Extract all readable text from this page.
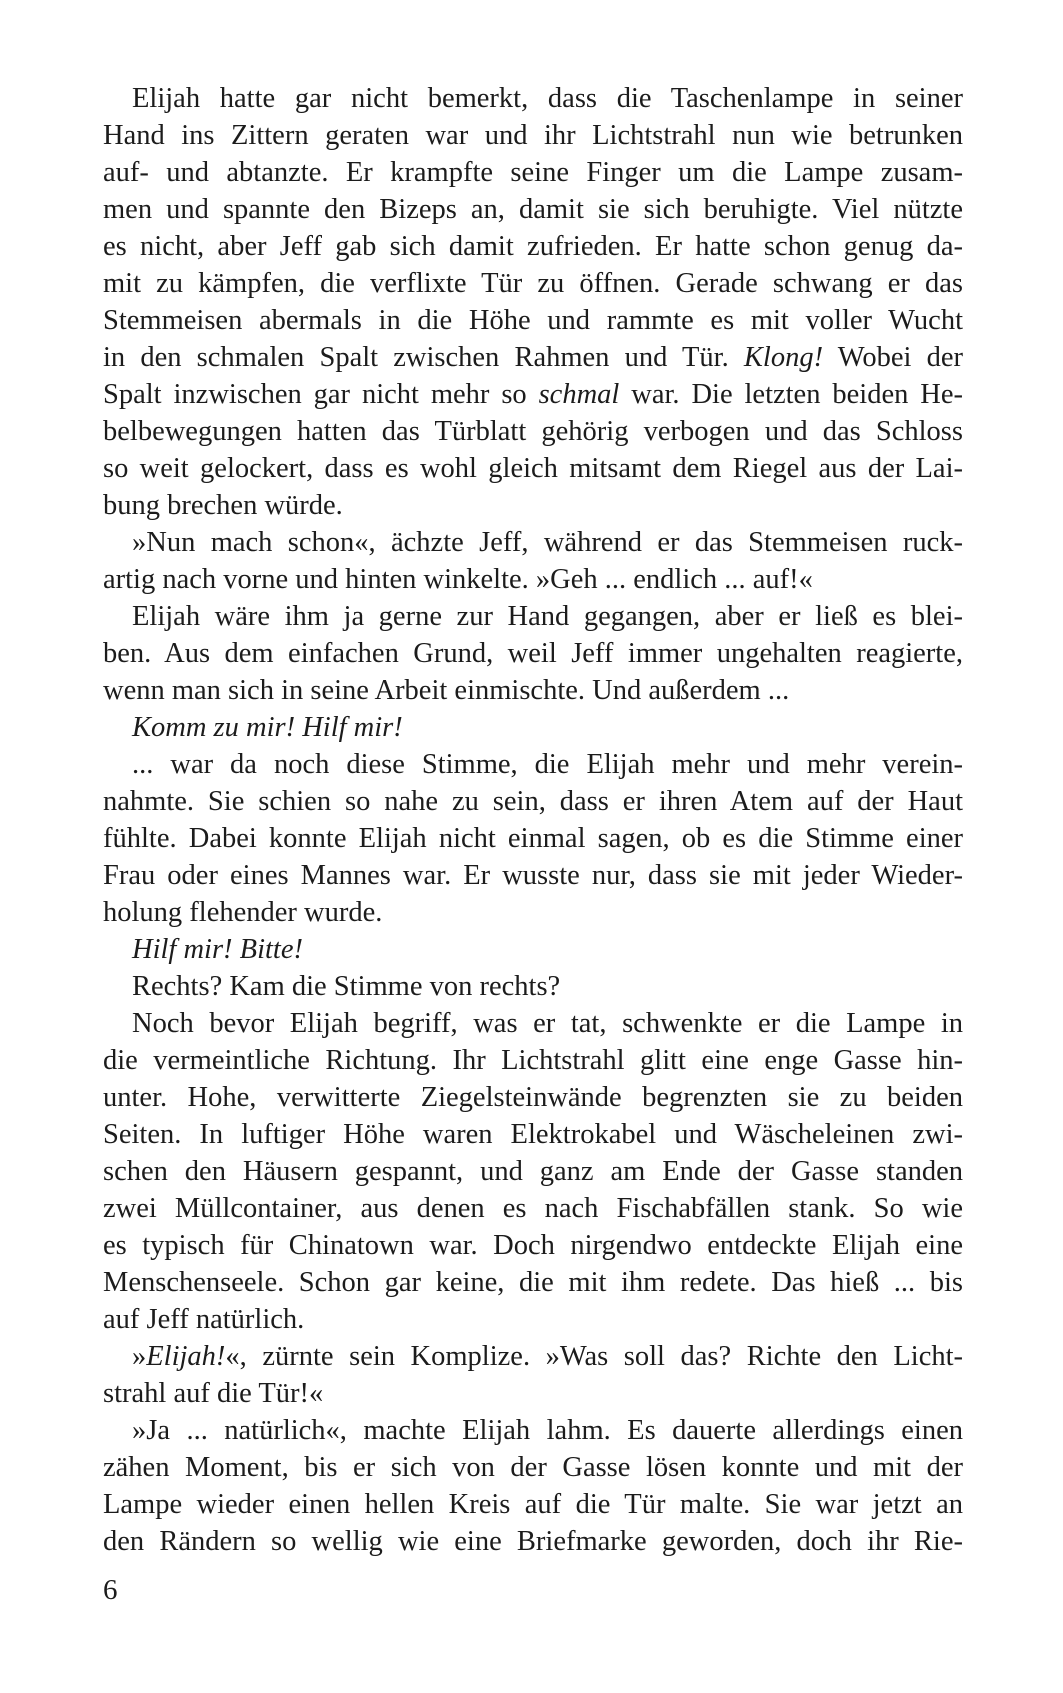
Elijah hatte gar nicht bemerkt, dass die Taschenlampe in seiner
Hand ins Zittern geraten war und ihr Lichtstrahl nun wie betrunken
auf- und abtanzte. Er krampfte seine Finger um die Lampe zusam-
men und spannte den Bizeps an, damit sie sich beruhigte. Viel nützte
es nicht, aber Jeff gab sich damit zufrieden. Er hatte schon genug da-
mit zu kämpfen, die verflixte Tür zu öffnen. Gerade schwang er das
Stemmeisen abermals in die Höhe und rammte es mit voller Wucht
in den schmalen Spalt zwischen Rahmen und Tür. Klong! Wobei der
Spalt inzwischen gar nicht mehr so schmal war. Die letzten beiden He-
belbewegungen hatten das Türblatt gehörig verbogen und das Schloss
so weit gelockert, dass es wohl gleich mitsamt dem Riegel aus der Lai-
bung brechen würde.
»Nun mach schon«, ächzte Jeff, während er das Stemmeisen ruck-
artig nach vorne und hinten winkelte. »Geh ... endlich ... auf!«
Elijah wäre ihm ja gerne zur Hand gegangen, aber er ließ es blei-
ben. Aus dem einfachen Grund, weil Jeff immer ungehalten reagierte,
wenn man sich in seine Arbeit einmischte. Und außerdem ...
Komm zu mir! Hilf mir!
... war da noch diese Stimme, die Elijah mehr und mehr verein-
nahmte. Sie schien so nahe zu sein, dass er ihren Atem auf der Haut
fühlte. Dabei konnte Elijah nicht einmal sagen, ob es die Stimme einer
Frau oder eines Mannes war. Er wusste nur, dass sie mit jeder Wieder-
holung flehender wurde.
Hilf mir! Bitte!
Rechts? Kam die Stimme von rechts?
Noch bevor Elijah begriff, was er tat, schwenkte er die Lampe in
die vermeintliche Richtung. Ihr Lichtstrahl glitt eine enge Gasse hin-
unter. Hohe, verwitterte Ziegelsteinwände begrenzten sie zu beiden
Seiten. In luftiger Höhe waren Elektrokabel und Wäscheleinen zwi-
schen den Häusern gespannt, und ganz am Ende der Gasse standen
zwei Müllcontainer, aus denen es nach Fischabfällen stank. So wie
es typisch für Chinatown war. Doch nirgendwo entdeckte Elijah eine
Menschenseele. Schon gar keine, die mit ihm redete. Das hieß ... bis
auf Jeff natürlich.
»Elijah!«, zürnte sein Komplize. »Was soll das? Richte den Licht-
strahl auf die Tür!«
»Ja ... natürlich«, machte Elijah lahm. Es dauerte allerdings einen
zähen Moment, bis er sich von der Gasse lösen konnte und mit der
Lampe wieder einen hellen Kreis auf die Tür malte. Sie war jetzt an
den Rändern so wellig wie eine Briefmarke geworden, doch ihr Rie-
6
